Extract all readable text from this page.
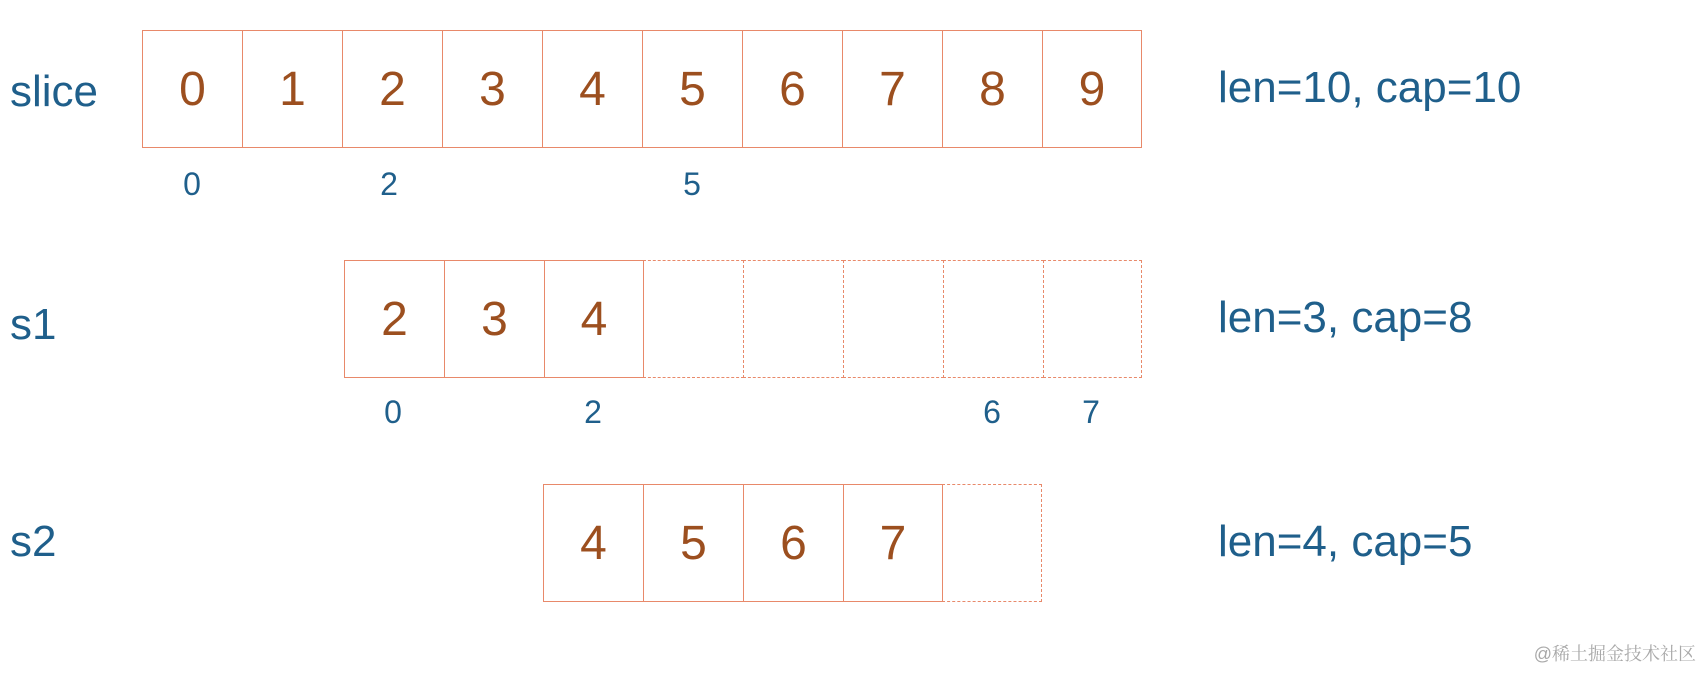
slice	0	1	2	3	4	5	6	7	8	9	len=10, cap=10
0	2	5
s1	2	3	4	len=3, cap=8
0	2	6	7
s2	4	5	6	7	len=4, cap=5
@稀土掘金技术社区
